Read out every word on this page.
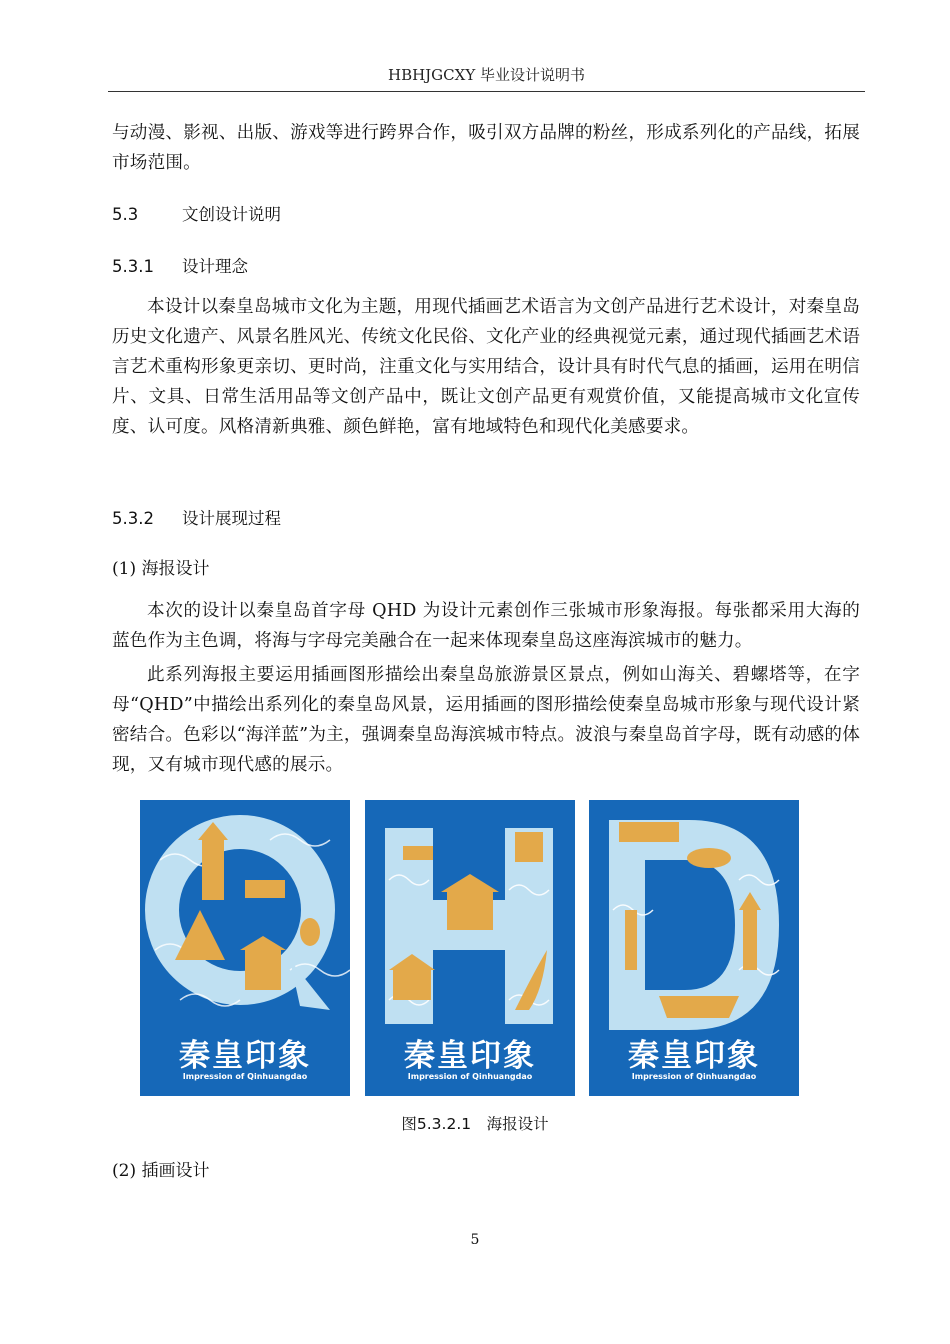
HBHJGCXY 毕业设计说明书
与动漫、影视、出版、游戏等进行跨界合作，吸引双方品牌的粉丝，形成系列化的产品线，拓展市场范围。
5.3	文创设计说明
5.3.1 设计理念
本设计以秦皇岛城市文化为主题，用现代插画艺术语言为文创产品进行艺术设计，对秦皇岛历史文化遗产、风景名胜风光、传统文化民俗、文化产业的经典视觉元素，通过现代插画艺术语言艺术重构形象更亲切、更时尚，注重文化与实用结合，设计具有时代气息的插画，运用在明信片、文具、日常生活用品等文创产品中，既让文创产品更有观赏价值，又能提高城市文化宣传度、认可度。风格清新典雅、颜色鲜艳，富有地域特色和现代化美感要求。
5.3.2 设计展现过程
(1) 海报设计
本次的设计以秦皇岛首字母 QHD 为设计元素创作三张城市形象海报。每张都采用大海的蓝色作为主色调，将海与字母完美融合在一起来体现秦皇岛这座海滨城市的魅力。
此系列海报主要运用插画图形描绘出秦皇岛旅游景区景点，例如山海关、碧螺塔等，在字母“QHD”中描绘出系列化的秦皇岛风景，运用插画的图形描绘使秦皇岛城市形象与现代设计紧密结合。色彩以“海洋蓝”为主，强调秦皇岛海滨城市特点。波浪与秦皇岛首字母，既有动感的体现，又有城市现代感的展示。
秦皇印象
Impression of Qinhuangdao
秦皇印象
Impression of Qinhuangdao
秦皇印象
Impression of Qinhuangdao
图5.3.2.1　海报设计
(2) 插画设计
5
